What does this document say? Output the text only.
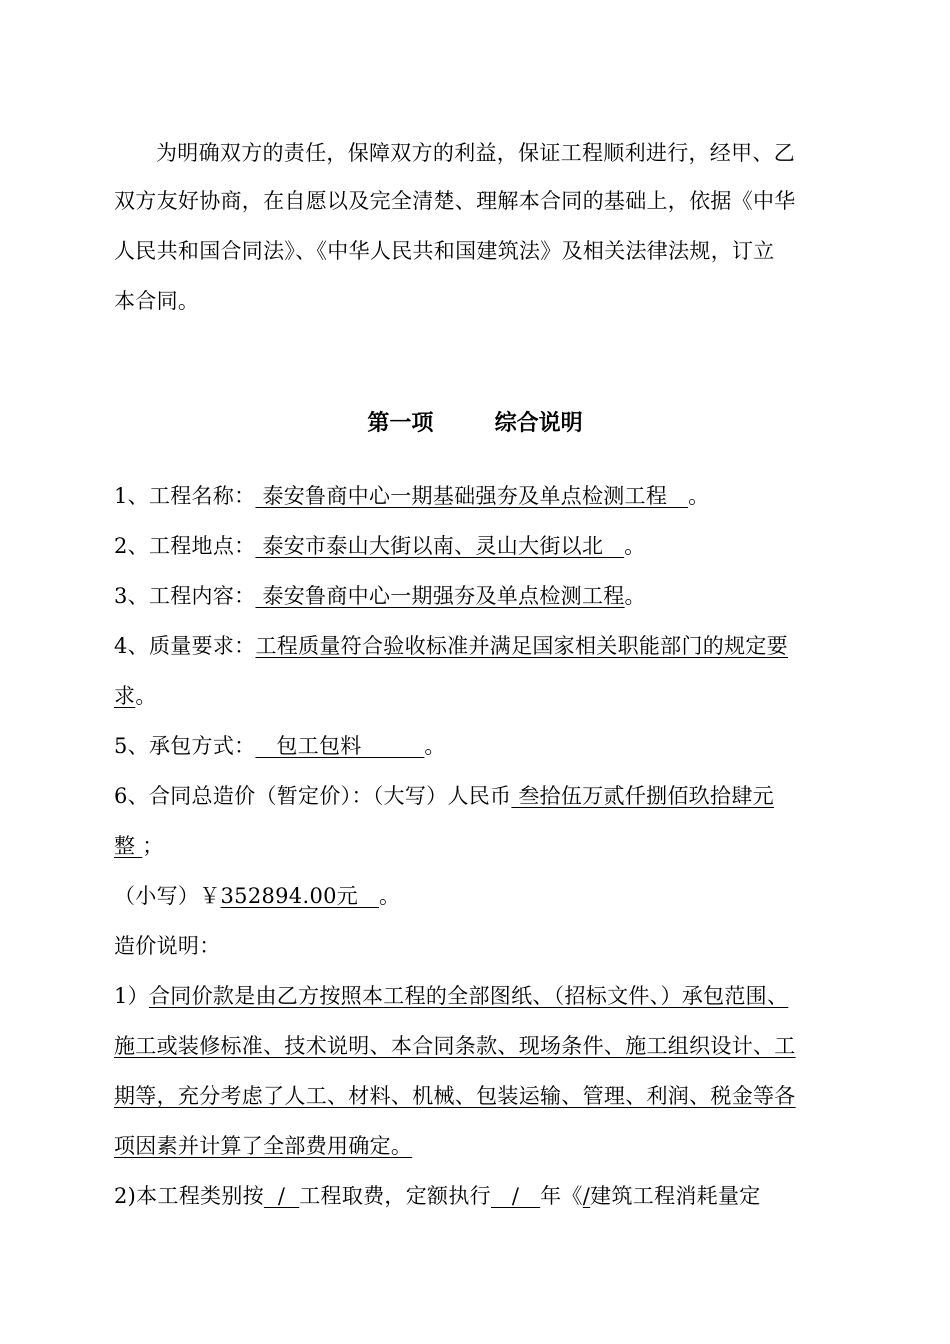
为明确双方的责任，保障双方的利益，保证工程顺利进行，经甲、乙
双方友好协商，在自愿以及完全清楚、理解本合同的基础上，依据《中华
人民共和国合同法》、《中华人民共和国建筑法》及相关法律法规，订立
本合同。
第一项	综合说明
1、工程名称： 泰安鲁商中心一期基础强夯及单点检测工程   。
2、工程地点： 泰安市泰山大街以南、灵山大街以北   。
3、工程内容： 泰安鲁商中心一期强夯及单点检测工程。
4、质量要求：工程质量符合验收标准并满足国家相关职能部门的规定要
求。
5、承包方式：   包工包料         。
6、合同总造价（暂定价）：（大写）人民币 叁拾伍万贰仟捌佰玖拾肆元
整 ；
（小写）￥352894.00元   。
造价说明：
1）合同价款是由乙方按照本工程的全部图纸、（招标文件、）承包范围、
施工或装修标准、技术说明、本合同条款、现场条件、施工组织设计、工
期等，充分考虑了人工、材料、机械、包装运输、管理、利润、税金等各
项因素并计算了全部费用确定。
2)本工程类别按  /  工程取费，定额执行   /   年《/建筑工程消耗量定
